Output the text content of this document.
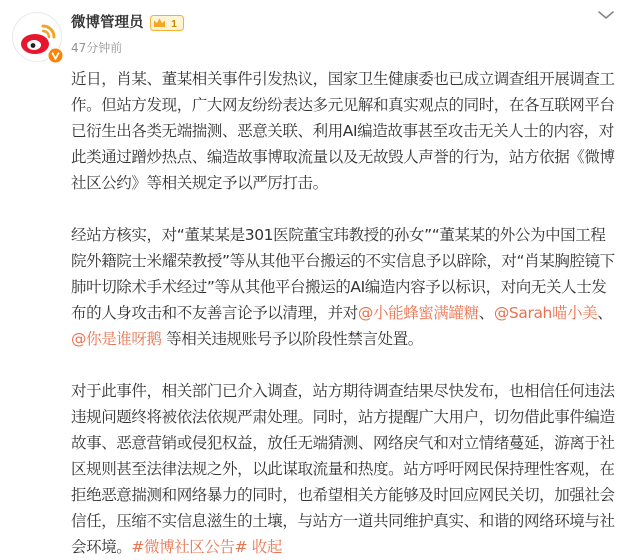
微博管理员	1
47分钟前

近日，肖某、董某相关事件引发热议，国家卫生健康委也已成立调查组开展调查工作。但站方发现，广大网友纷纷表达多元见解和真实观点的同时，在各互联网平台已衍生出各类无端揣测、恶意关联、利用AI编造故事甚至攻击无关人士的内容，对此类通过蹭炒热点、编造故事博取流量以及无故毁人声誉的行为，站方依据《微博社区公约》等相关规定予以严厉打击。

经站方核实，对“董某某是301医院董宝玮教授的孙女”“董某某的外公为中国工程院外籍院士米耀荣教授”等从其他平台搬运的不实信息予以辟除，对“肖某胸腔镜下肺叶切除术手术经过”等从其他平台搬运的AI编造内容予以标识，对向无关人士发布的人身攻击和不友善言论予以清理，并对@小能蜂蜜满罐糖、@Sarah喵小美、@你是谁呀鹅 等相关违规账号予以阶段性禁言处置。

对于此事件，相关部门已介入调查，站方期待调查结果尽快发布，也相信任何违法违规问题终将被依法依规严肃处理。同时，站方提醒广大用户，切勿借此事件编造故事、恶意营销或侵犯权益，放任无端猜测、网络戾气和对立情绪蔓延，游离于社区规则甚至法律法规之外，以此谋取流量和热度。站方呼吁网民保持理性客观，在拒绝恶意揣测和网络暴力的同时，也希望相关方能够及时回应网民关切，加强社会信任，压缩不实信息滋生的土壤，与站方一道共同维护真实、和谐的网络环境与社会环境。#微博社区公告# 收起
